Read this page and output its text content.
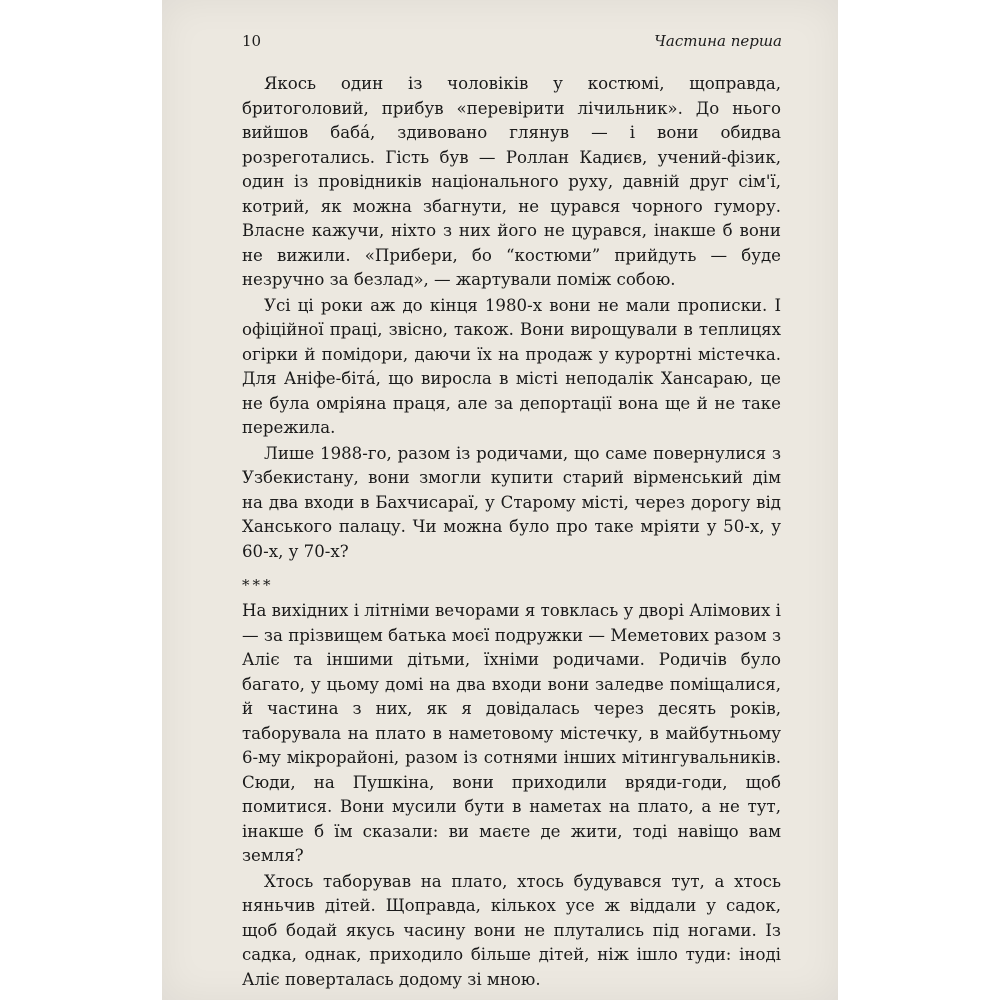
10	Частина перша

Якось один із чоловіків у костюмі, щоправда, бритоголовий, прибув «перевірити лічильник». До нього вийшов бабá, здивовано глянув — і вони обидва розреготались. Гість був — Роллан Кадиєв, учений-фізик, один із провідників національного руху, давній друг сім'ї, котрий, як можна збагнути, не цурався чорного гумору. Власне кажучи, ніхто з них його не цурався, інакше б вони не вижили. «Прибери, бо “костюми” прийдуть — буде незручно за безлад», — жартували поміж собою.

Усі ці роки аж до кінця 1980-х вони не мали прописки. І офіційної праці, звісно, також. Вони вирощували в теплицях огірки й помідори, даючи їх на продаж у курортні містечка. Для Аніфе-бітá, що виросла в місті неподалік Хансараю, це не була омріяна праця, але за депортації вона ще й не таке пережила.

Лише 1988-го, разом із родичами, що саме повернулися з Узбекистану, вони змогли купити старий вірменський дім на два входи в Бахчисараї, у Старому місті, через дорогу від Ханського палацу. Чи можна було про таке мріяти у 50-х, у 60-х, у 70-х?

***

На вихідних і літніми вечорами я товклась у дворі Алімових і — за прізвищем батька моєї подружки — Меметових разом з Аліє та іншими дітьми, їхніми родичами. Родичів було багато, у цьому домі на два входи вони заледве поміщалися, й частина з них, як я довідалась через десять років, таборувала на плато в наметовому містечку, в майбутньому 6-му мікрорайоні, разом із сотнями інших мітингувальників. Сюди, на Пушкіна, вони приходили вряди-годи, щоб помитися. Вони мусили бути в наметах на плато, а не тут, інакше б їм сказали: ви маєте де жити, тоді навіщо вам земля?

Хтось таборував на плато, хтось будувався тут, а хтось няньчив дітей. Щоправда, кількох усе ж віддали у садок, щоб бодай якусь часину вони не плутались під ногами. Із садка, однак, приходило більше дітей, ніж ішло туди: іноді Аліє поверталась додому зі мною.
